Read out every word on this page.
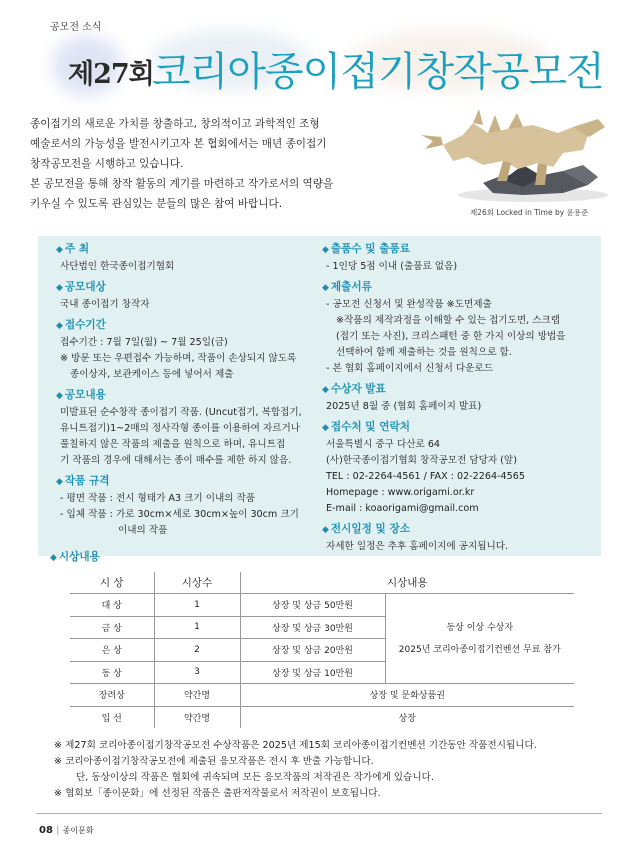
공모전 소식
제27회
코리아종이접기창작공모전

종이접기의 새로운 가치를 창출하고, 창의적이고 과학적인 조형

예술로서의 가능성을 발전시키고자 본 협회에서는 매년 종이접기

창작공모전을 시행하고 있습니다.

본 공모전을 통해 창작 활동의 계기를 마련하고 작가로서의 역량을

키우실 수 있도록 관심있는 분들의 많은 참여 바랍니다.

제26회 Locked in Time by 윤용준
◆ 주 최
사단법인 한국종이접기협회
◆ 공모대상
국내 종이접기 창작자
◆ 접수기간
접수기간 : 7월 7일(월) ~ 7월 25일(금)
※ 방문 또는 우편접수 가능하며, 작품이 손상되지 않도록
종이상자, 보관케이스 등에 넣어서 제출
◆ 공모내용
미발표된 순수창작 종이접기 작품. (Uncut접기, 복합접기,
유니트접기)1~2매의 정사각형 종이를 이용하여 자르거나
풀칠하지 않은 작품의 제출을 원칙으로 하며, 유니트접
기 작품의 경우에 대해서는 종이 매수를 제한 하지 않음.
◆ 작품 규격
- 평면 작품 : 전시 형태가 A3 크기 이내의 작품
- 입체 작품 : 가로 30cm×세로 30cm×높이 30cm 크기
이내의 작품
◆ 출품수 및 출품료
- 1인당 5점 이내 (출품료 없음)
◆ 제출서류
- 공모전 신청서 및 완성작품 ※도면제출
※작품의 제작과정을 이해할 수 있는 접기도면, 스크랩
(접기 또는 사진), 크리스패턴 중 한 가지 이상의 방법을
선택하여 함께 제출하는 것을 원칙으로 함.
- 본 협회 홈페이지에서 신청서 다운로드
◆ 수상자 발표
2025년 8월 중 (협회 홈페이지 발표)
◆ 접수처 및 연락처
서울특별시 중구 다산로 64
(사)한국종이접기협회 창작공모전 담당자 (앞)
TEL : 02-2264-4561 / FAX : 02-2264-4565
Homepage : www.origami.or.kr
E-mail : koaorigami@gmail.com
◆ 전시일정 및 장소
자세한 일정은 추후 홈페이지에 공지됩니다.
◆ 시상내용
시 상	시상수	시상내용	
대 상	1	상장 및 상금 50만원	동상 이상 수상자
2025년 코리아종이접기컨벤션 무료 참가

금 상	1	상장 및 상금 30만원	
은 상	2	상장 및 상금 20만원	
동 상	3	상장 및 상금 10만원	
장려상	약간명	상장 및 문화상품권	
입 선	약간명	상장	
※ 제27회 코리아종이접기창작공모전 수상작품은 2025년 제15회 코리아종이접기컨벤션 기간동안 작품전시됩니다.
※ 코리아종이접기창작공모전에 제출된 응모작품은 전시 후 반출 가능합니다.
단, 동상이상의 작품은 협회에 귀속되며 모든 응모작품의 저작권은 작가에게 있습니다.
※ 협회보「종이문화」에 선정된 작품은 출판저작물로서 저작권이 보호됩니다.
08 | 종이문화
